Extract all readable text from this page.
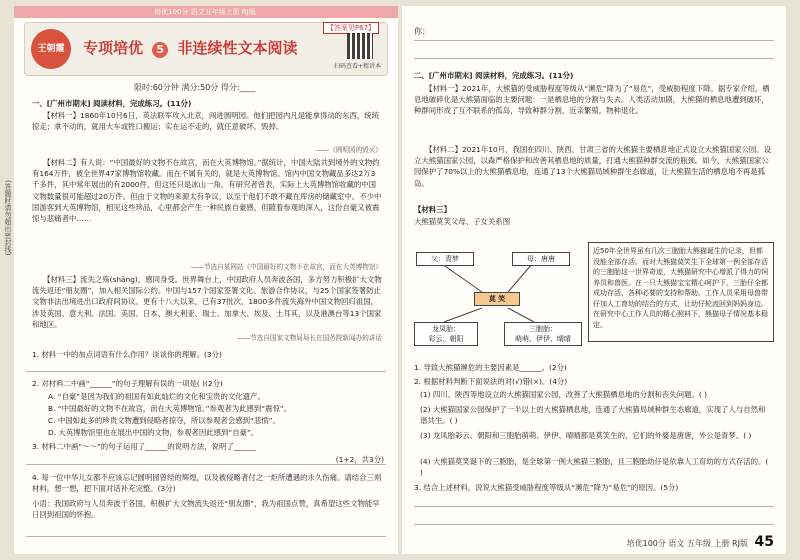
培优100分 语文五年级上册 RJ版
王朝霞	专项培优 5 非连续性文本阅读
【答案见P67】
扫码查看+精讲本
限时:60分钟 满分:50分 得分:____
一、[广州市期末] 阅读材料，完成练习。(11分)
【材料一】1860年10月6日，英法联军攻入北京，闯进圆明园。他们把园内凡是能拿得动的东西，统统掠走；拿不动的，就用大车或牲口搬运；实在运不走的，就任意破坏、毁掉。
——《圆明园的毁灭》
【材料二】有人说：“中国最好的文物不在故宫，而在大英博物馆。”据统计，中国大陆共到境外的文物约有164万件，被全世界47家博物馆收藏。而在不属有关的，就是大英博物馆。馆内中国文物藏品多达2万3千多件，其中常年展出的有2000件，但这还只是冰山一角。有研究者曾表，实际上大英博物馆收藏的中国文物数量很可能超过20万件。但由于文物的来源太有争议，以至于他们不敢不藏在库房的储藏室中。不少中国游客到大英博物馆，相见这些珍品，心里都会产生一种民族自豪感，但随着参观的深入，这份自豪又被震惊与悲痛者中……
——节选自某网站《中国最好的文物不在故宫，而在大英博物馆》
【材料三】流失之殇(shāng)，感同身受。世界舞台上，中国政府人员奔波各国，多方努力积极扩大文物流失返还“朋友圈”，加入相关国际公约。中国与157个国家签署文化、旅游合作协议，与25个国家签署防止文物非法出境进出口政府间协议。更有十八大以来，已有37批次、1800多件流失海外中国文物回归祖国，涉及英国、意大利、法国、美国、日本、澳大利亚、瑞士、加拿大、埃及、土耳其，以及港澳台等13个国家和地区。
——节选自国家文物局局长在国务院新闻办的讲话
1. 材料一中的加点词语有什么作用？谈谈你的理解。(3分)
2. 对材料二中画“______”的句子理解有误的一项是( )(2分)
A. “自豪”是因为我们的祖国有如此灿烂的文化和宝贵的文化遗产。
B. “中国最好的文物不在故宫，而在大英博物馆。”参观者为此感到“震惊”。
C. 中国如此多的珍贵文物遭到侵略者掠夺，所以参观者会感到“悲愤”。
D. 大英博物馆里也在展出中国的文物，参观者因此感到“自豪”。
3. 材料二中画“～～”的句子运用了______的说明方法，说明了______
(1+2，共3分)
4. 每一位中华儿女都不应该忘记圆明园曾经的辉煌，以及被侵略者付之一炬所遭遇的永久伤痛。请结合三则材料，想一想，把下面对话补充完整。(3分)
小语：我国政府与人员奔波于各国，积极扩大文物流失返还“朋友圈”，我为祖国点赞，真希望这些文物能早日回到祖国的怀抱。
你：
二、[广州市期末] 阅读材料，完成练习。(11分)
【材料一】2021年，大熊猫的受威胁程度等级从“濒危”降为了“易危”，受威胁程度下降。据专家介绍，栖息地破碎化是大熊猫面临的主要问题：一是栖息地的分割与失去。人类活动加剧，大熊猫的栖息地遭到破坏，种群间形成了互不联系的孤岛，导致种群分割，近亲繁殖，物种退化。
【材料二】2021年10月，我国在四川、陕西、甘肃三省的大熊猫主要栖息地正式设立大熊猫国家公园。设立大熊猫国家公园，以森严格保护和改善其栖息地的质量，打通大熊猫种群交流的瓶颈。如今，大熊猫国家公园保护了70%以上的大熊猫栖息地，连通了13个大熊猫局域种群生态廊道，让大熊猫生活的栖息地不再是孤岛。
【材料三】
大熊猫莫笑父母、子女关系图
父：青梦	母：唐唐
莫 笑
龙凤胎：
彩云、朝阳
三胞胎：
萌萌、伊伊、晴晴
近50年全世界虽有几次三胞胎大熊猫诞生的记录，但都没能全部存活。而对大熊猫莫笑生下全球第一例全部存活的三胞胎这一世界奇迹，大熊猫研究中心增派了得力的饲养员和兽医。在一只大熊猫宝宝精心呵护下，三胎仔全都成功存活，各种必要的支持和帮助。工作人员采用母兽带仔加人工育幼的结合的方式，让幼仔轮流回到妈妈身边。在研究中心工作人员的精心照料下，熊猫母子情况基本稳定。
1. 导致大熊猫濒危的主要因素是______。(2分)
2. 根据材料判断下面说法的对(√)错(×)。(4分)
(1) 四川、陕西等地设立的大熊猫国家公园，改善了大熊猫栖息地的分割和丧失问题。( )
(2) 大熊猫国家公园保护了一半以上的大熊猫栖息地，连通了大熊猫局域种群生态廊道，实现了人与自然和谐共生。( )
(3) 龙凤胎彩云、朝阳和三胞胎萌萌、伊伊、晴晴都是莫笑生的，它们的外婆是唐唐，外公是青梦。( )
(4) 大熊猫莫笑诞下的三胞胎，是全球第一例大熊猫三胞胎，且三胞胎幼仔是依靠人工育幼的方式存活的。( )
3. 结合上述材料，说说大熊猫受威胁程度等级从“濒危”降为“易危”的原因。(5分)
培优100分 语文 五年级 上册 RJ版 45
(答题时请勿超出密封线)
